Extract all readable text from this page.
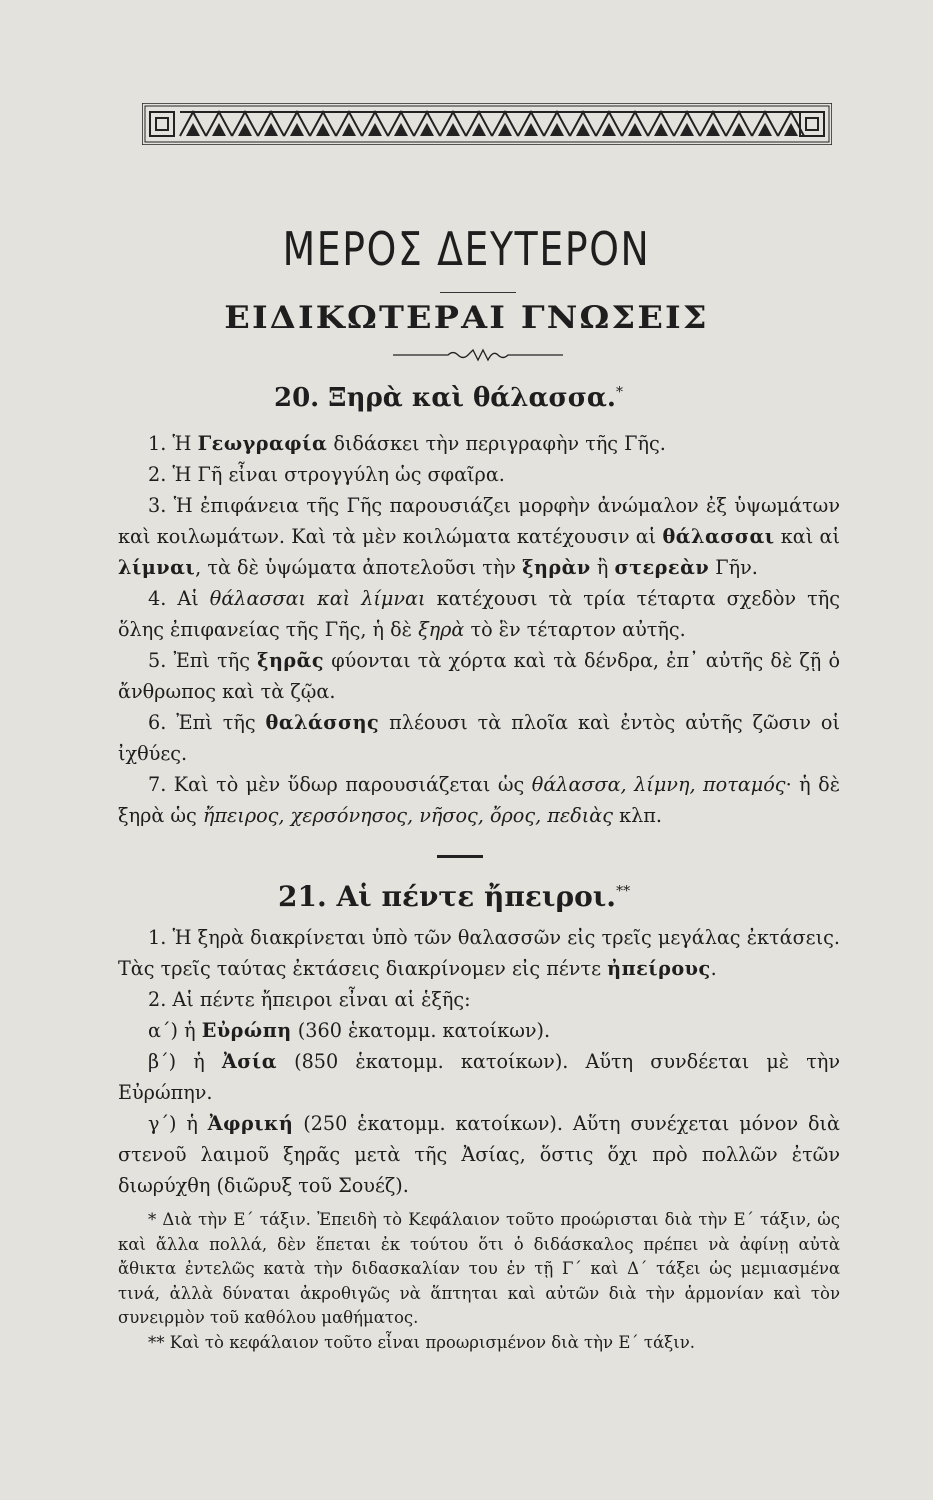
ΜΕΡΟΣ ΔΕΥΤΕΡΟΝ
ΕΙΔΙΚΩΤΕΡΑΙ ΓΝΩΣΕΙΣ
20. Ξηρὰ καὶ θάλασσα.*

1. Ἡ Γεωγραφία διδάσκει τὴν περιγραφὴν τῆς Γῆς.

2. Ἡ Γῆ εἶναι στρογγύλη ὡς σφαῖρα.

3. Ἡ ἐπιφάνεια τῆς Γῆς παρουσιάζει μορφὴν ἀνώμαλον ἐξ ὑψωμάτων καὶ κοιλωμάτων. Καὶ τὰ μὲν κοιλώματα κατέχουσιν αἱ θάλασσαι καὶ αἱ λίμναι, τὰ δὲ ὑψώματα ἀποτελοῦσι τὴν ξηρὰν ἢ στερεὰν Γῆν.

4. Αἱ θάλασσαι καὶ λίμναι κατέχουσι τὰ τρία τέταρτα σχεδὸν τῆς ὅλης ἐπιφανείας τῆς Γῆς, ἡ δὲ ξηρὰ τὸ ἓν τέταρτον αὐτῆς.

5. Ἐπὶ τῆς ξηρᾶς φύονται τὰ χόρτα καὶ τὰ δένδρα, ἐπ᾽ αὐτῆς δὲ ζῇ ὁ ἄνθρωπος καὶ τὰ ζῷα.

6. Ἐπὶ τῆς θαλάσσης πλέουσι τὰ πλοῖα καὶ ἐντὸς αὐτῆς ζῶσιν οἱ ἰχθύες.

7. Καὶ τὸ μὲν ὕδωρ παρουσιάζεται ὡς θάλασσα, λίμνη, ποταμός· ἡ δὲ ξηρὰ ὡς ἤπειρος, χερσόνησος, νῆσος, ὄρος, πεδιὰς κλπ.

21. Αἱ πέντε ἤπειροι.**

1. Ἡ ξηρὰ διακρίνεται ὑπὸ τῶν θαλασσῶν εἰς τρεῖς μεγάλας ἐκτάσεις. Τὰς τρεῖς ταύτας ἐκτάσεις διακρίνομεν εἰς πέντε ἠπείρους.

2. Αἱ πέντε ἤπειροι εἶναι αἱ ἑξῆς:

α΄) ἡ Εὐρώπη (360 ἑκατομμ. κατοίκων).

β΄) ἡ Ἀσία (850 ἑκατομμ. κατοίκων). Αὕτη συνδέεται μὲ τὴν Εὐρώπην.

γ΄) ἡ Ἀφρική (250 ἑκατομμ. κατοίκων). Αὕτη συνέχεται μόνον διὰ στενοῦ λαιμοῦ ξηρᾶς μετὰ τῆς Ἀσίας, ὅστις ὅχι πρὸ πολλῶν ἐτῶν διωρύχθη (διῶρυξ τοῦ Σουέζ).

* Διὰ τὴν Ε΄ τάξιν. Ἐπειδὴ τὸ Κεφάλαιον τοῦτο προώρισται διὰ τὴν Ε΄ τάξιν, ὡς καὶ ἄλλα πολλά, δὲν ἕπεται ἐκ τούτου ὅτι ὁ διδάσκαλος πρέπει νὰ ἀφίνῃ αὐτὰ ἄθικτα ἐντελῶς κατὰ τὴν διδασκαλίαν του ἐν τῇ Γ΄ καὶ Δ΄ τάξει ὡς μεμιασμένα τινά, ἀλλὰ δύναται ἀκροθιγῶς νὰ ἅπτηται καὶ αὐτῶν διὰ τὴν ἁρμονίαν καὶ τὸν συνειρμὸν τοῦ καθόλου μαθήματος.

** Καὶ τὸ κεφάλαιον τοῦτο εἶναι προωρισμένον διὰ τὴν Ε΄ τάξιν.
